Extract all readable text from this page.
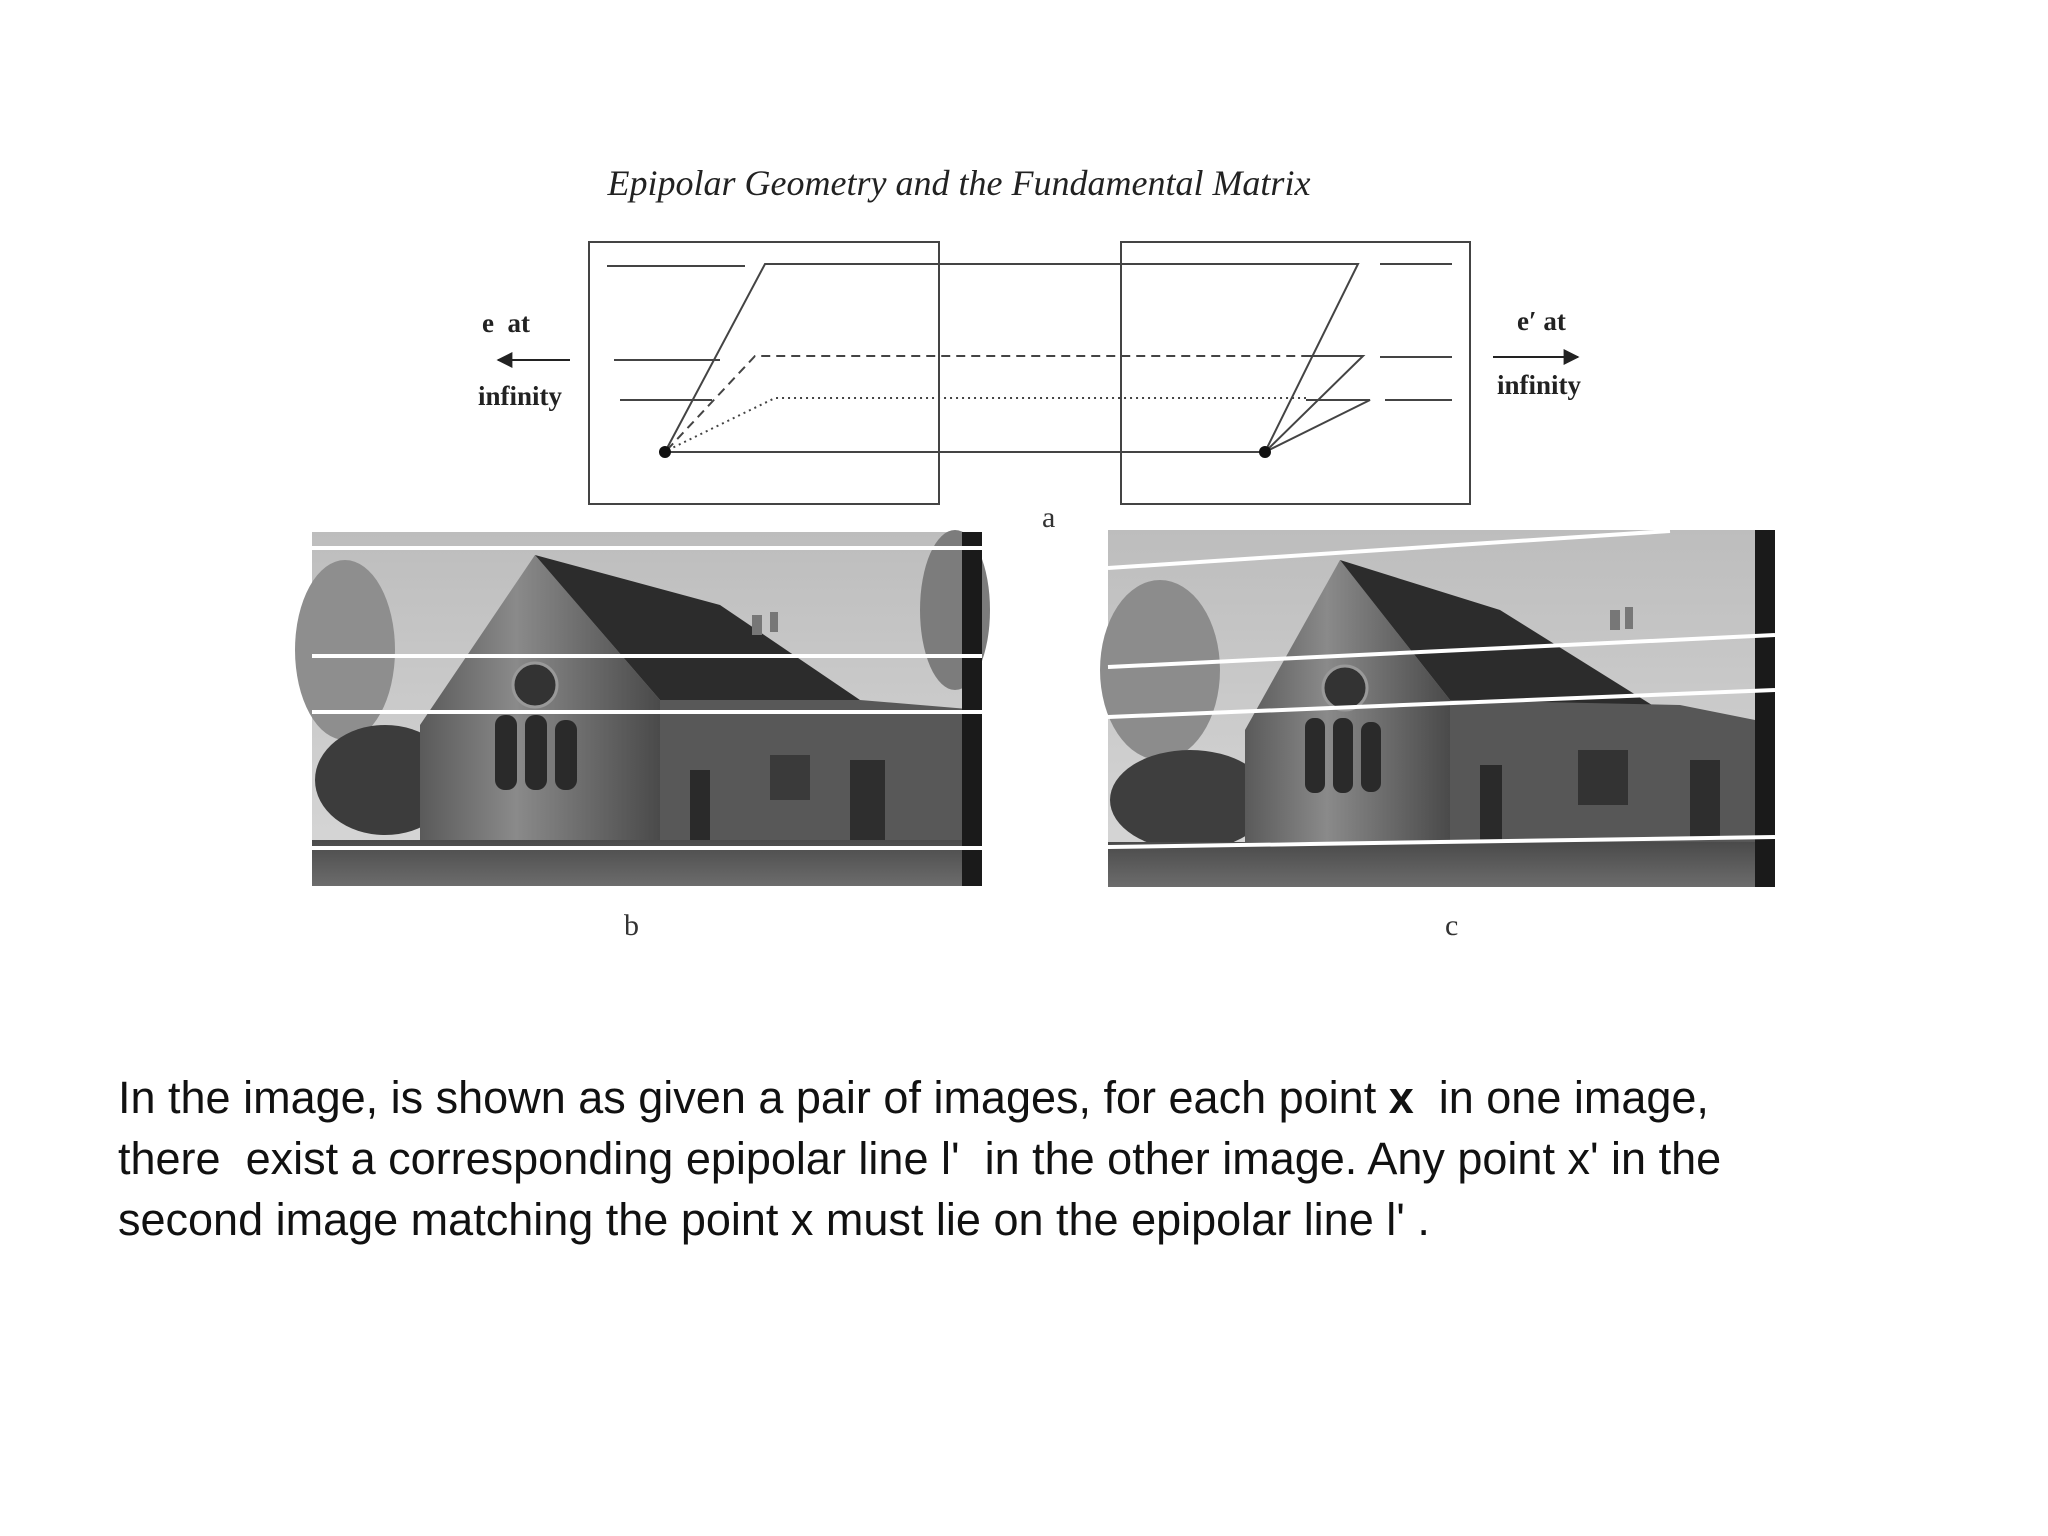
Epipolar Geometry and the Fundamental Matrix
e  at
infinity
e′ at
infinity
a
b	c
In the image, is shown as given a pair of images, for each point x  in one image,
there  exist a corresponding epipolar line l'  in the other image. Any point x' in the
second image matching the point x must lie on the epipolar line l' .
